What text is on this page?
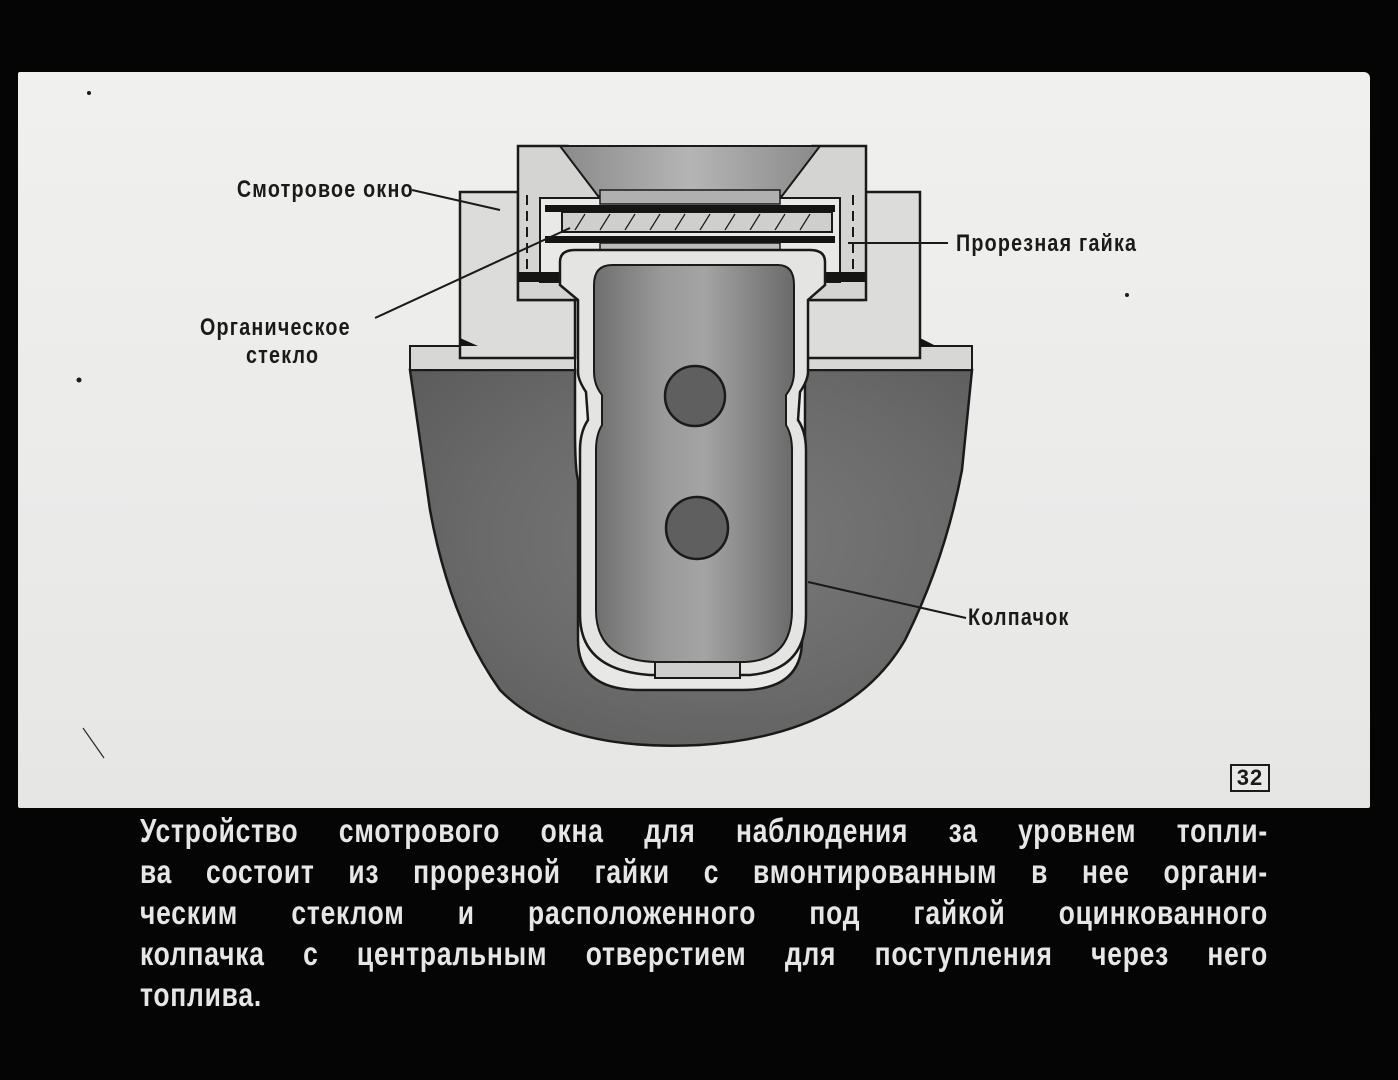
Смотровое окно
Прорезная гайка
Органическое
стекло
Колпачок
32
Устройство смотрового окна для наблюдения за уровнем топли-
ва состоит из прорезной гайки с вмонтированным в нее органи-
ческим стеклом и расположенного под гайкой оцинкованного
колпачка с центральным отверстием для поступления через него
топлива.
